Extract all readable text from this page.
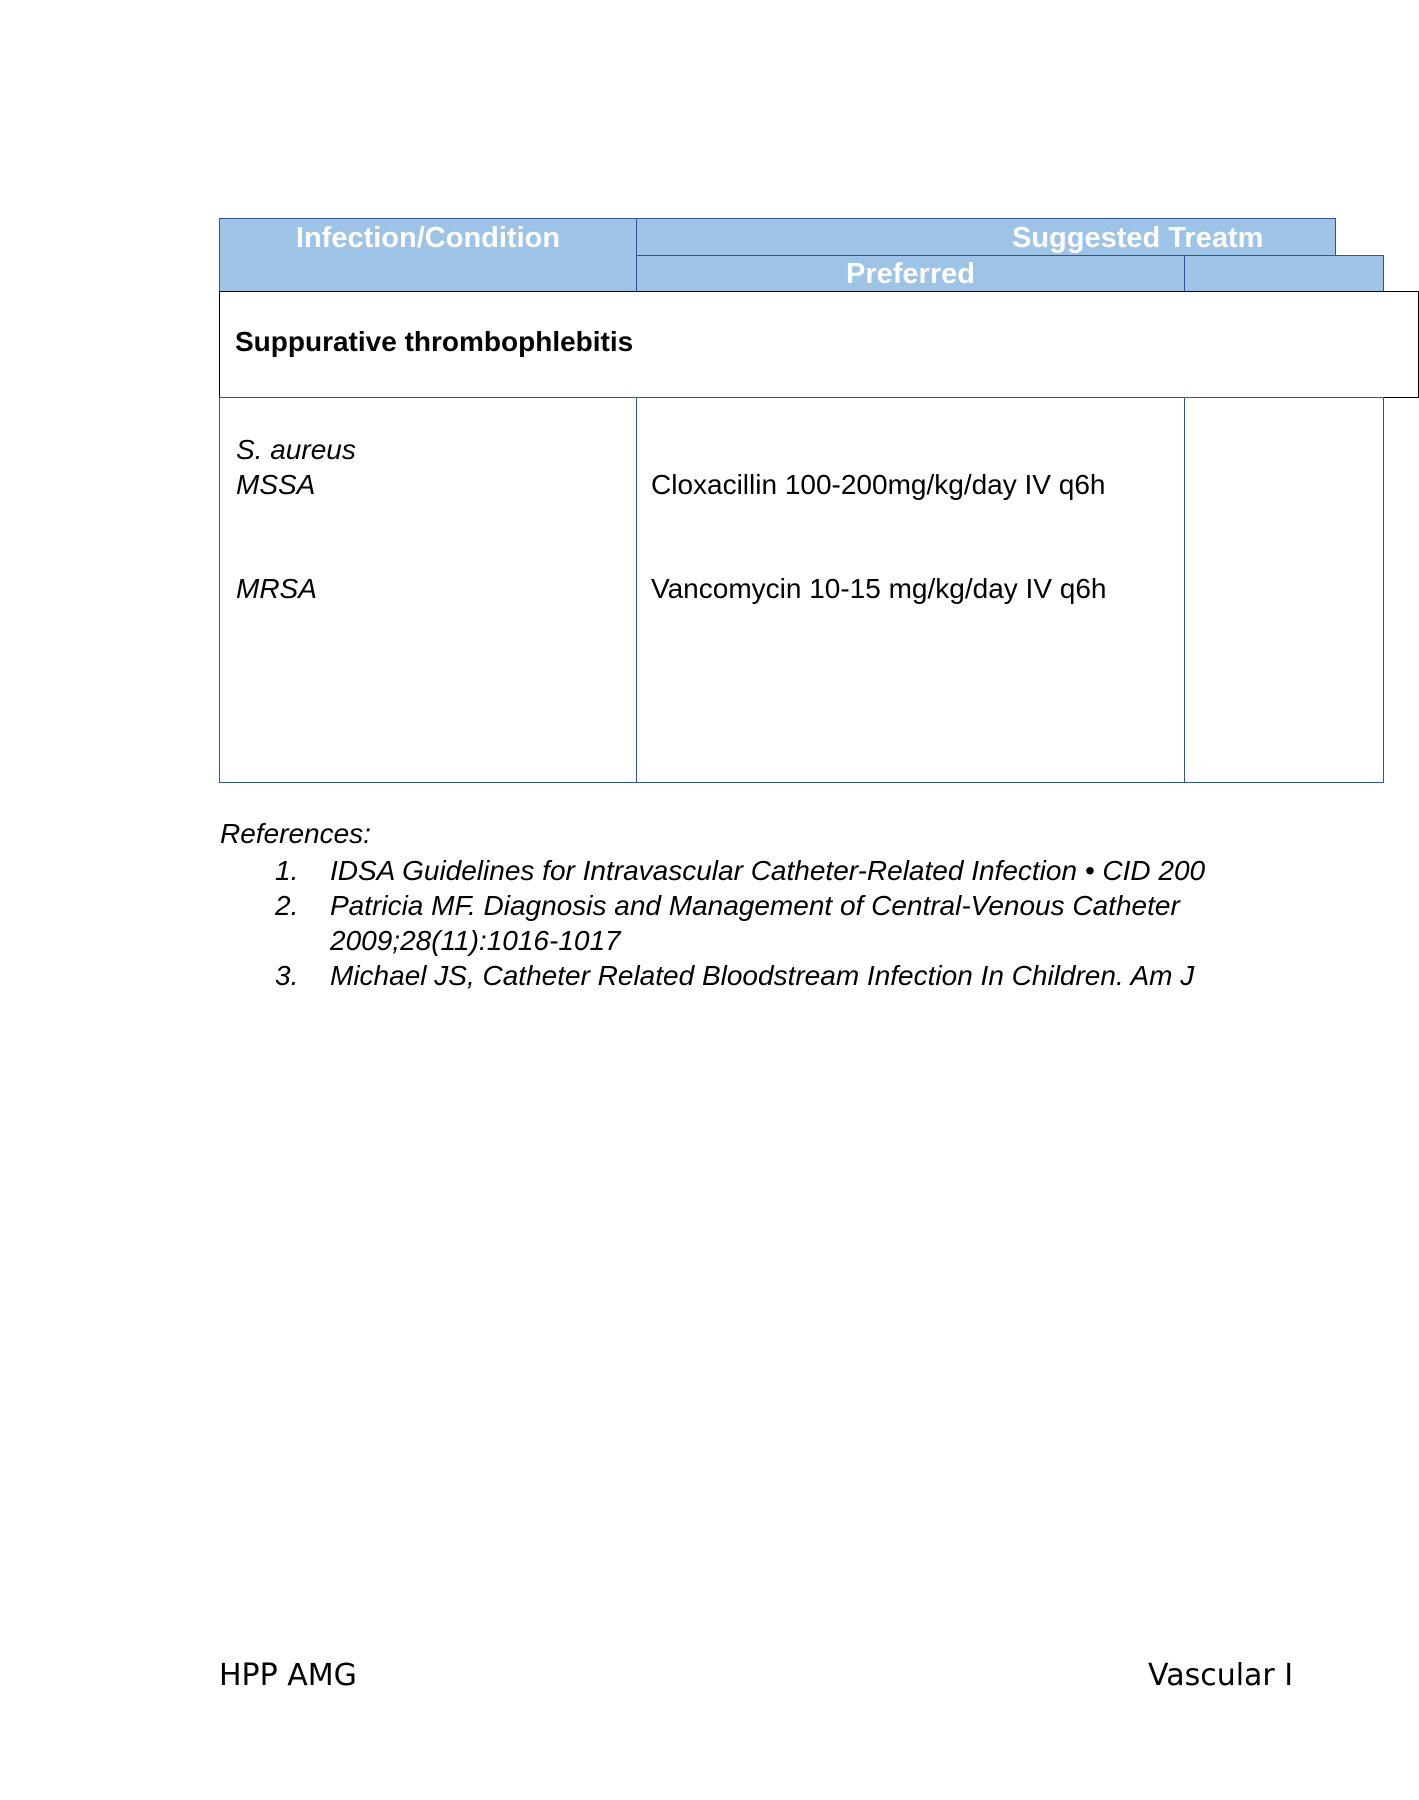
Infection/Condition	Suggested Treatm
Preferred
Suppurative thrombophlebitis
S. aureus
MSSA	Cloxacillin 100-200mg/kg/day IV q6h
MRSA	Vancomycin 10-15 mg/kg/day IV q6h
References:
1. IDSA Guidelines for Intravascular Catheter-Related Infection • CID 200
2. Patricia MF. Diagnosis and Management of Central-Venous Catheter
2009;28(11):1016-1017
3. Michael JS, Catheter Related Bloodstream Infection In Children. Am J
HPP AMG	Vascular I
